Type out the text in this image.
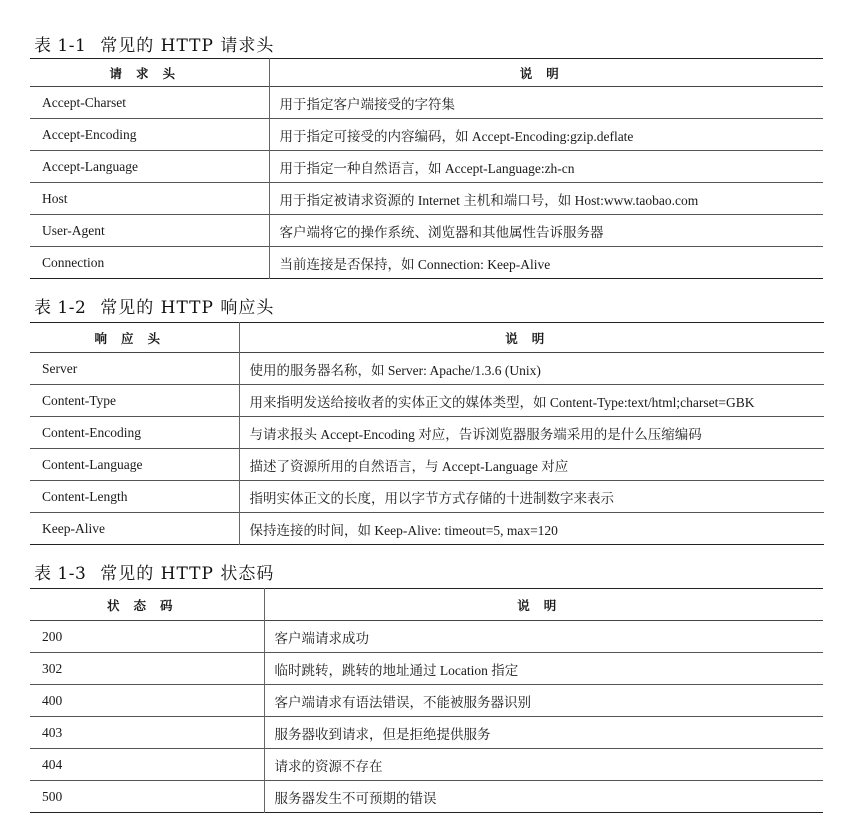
表 1-1 常见的 HTTP 请求头
请求头	说明
Accept-Charset	用于指定客户端接受的字符集
Accept-Encoding	用于指定可接受的内容编码，如 Accept-Encoding:gzip.deflate
Accept-Language	用于指定一种自然语言，如 Accept-Language:zh-cn
Host	用于指定被请求资源的 Internet 主机和端口号，如 Host:www.taobao.com
User-Agent	客户端将它的操作系统、浏览器和其他属性告诉服务器
Connection	当前连接是否保持，如 Connection: Keep-Alive
表 1-2 常见的 HTTP 响应头
响应头	说明
Server	使用的服务器名称，如 Server: Apache/1.3.6 (Unix)
Content-Type	用来指明发送给接收者的实体正文的媒体类型，如 Content-Type:text/html;charset=GBK
Content-Encoding	与请求报头 Accept-Encoding 对应，告诉浏览器服务端采用的是什么压缩编码
Content-Language	描述了资源所用的自然语言，与 Accept-Language 对应
Content-Length	指明实体正文的长度，用以字节方式存储的十进制数字来表示
Keep-Alive	保持连接的时间，如 Keep-Alive: timeout=5, max=120
表 1-3 常见的 HTTP 状态码
状态码	说明
200	客户端请求成功
302	临时跳转，跳转的地址通过 Location 指定
400	客户端请求有语法错误，不能被服务器识别
403	服务器收到请求，但是拒绝提供服务
404	请求的资源不存在
500	服务器发生不可预期的错误
